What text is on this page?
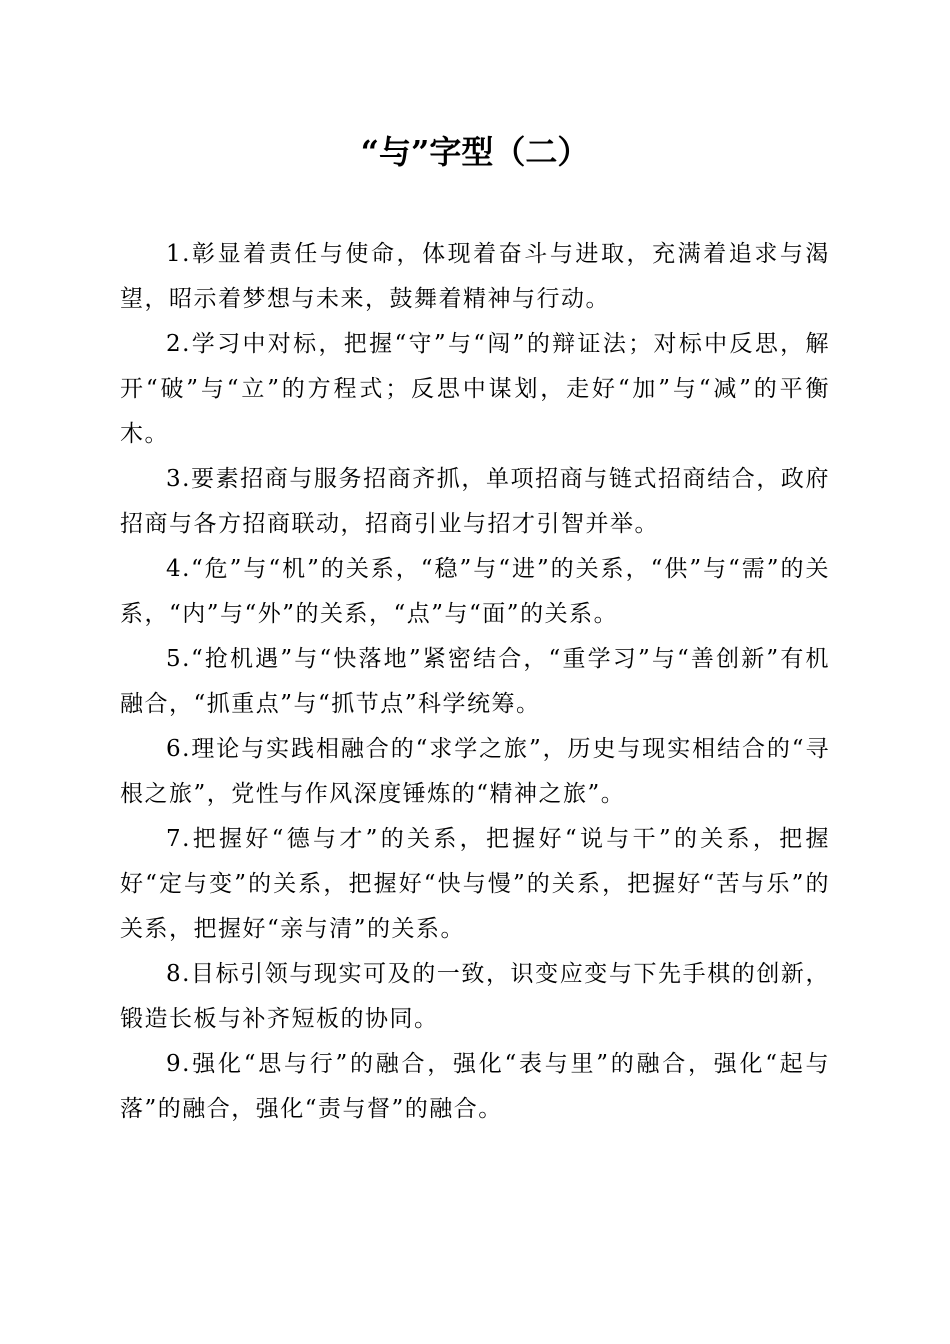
“与”字型（二）

1.彰显着责任与使命，体现着奋斗与进取，充满着追求与渴望，昭示着梦想与未来，鼓舞着精神与行动。

2.学习中对标，把握“守”与“闯”的辩证法；对标中反思，解开“破”与“立”的方程式；反思中谋划，走好“加”与“减”的平衡木。

3.要素招商与服务招商齐抓，单项招商与链式招商结合，政府招商与各方招商联动，招商引业与招才引智并举。

4.“危”与“机”的关系，“稳”与“进”的关系，“供”与“需”的关系，“内”与“外”的关系，“点”与“面”的关系。

5.“抢机遇”与“快落地”紧密结合，“重学习”与“善创新”有机融合，“抓重点”与“抓节点”科学统筹。

6.理论与实践相融合的“求学之旅”，历史与现实相结合的“寻根之旅”，党性与作风深度锤炼的“精神之旅”。

7.把握好“德与才”的关系，把握好“说与干”的关系，把握好“定与变”的关系，把握好“快与慢”的关系，把握好“苦与乐”的关系，把握好“亲与清”的关系。

8.目标引领与现实可及的一致，识变应变与下先手棋的创新，锻造长板与补齐短板的协同。

9.强化“思与行”的融合，强化“表与里”的融合，强化“起与落”的融合，强化“责与督”的融合。
